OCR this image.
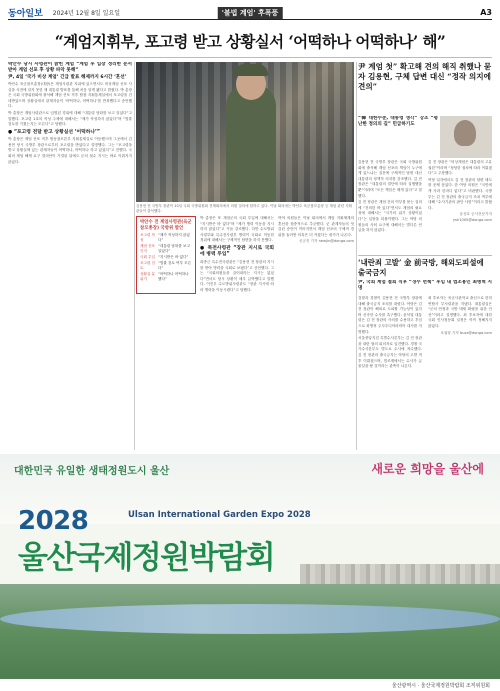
동아일보 2024년 12월 8일 일요일	'불법 계엄' 후폭풍	A3
“계엄지휘부, 포고령 받고 상황실서 ‘어떡하나 어떡하나’ 해”

박안수 당시 사령관이 밝힌 계엄 “계엄 후 입장 정리한 문서 받아 계엄 선포 후 상황 파악 못해”

尹, 4일 ‘국가 비상 계엄’ 긴급 발표 해제까지 6시간 ‘혼선’

박안수 육군참모총장(대장)은 계엄사령관 지위에 있으면서도 비상계엄 선포 사실을 사전에 알지 못한 채 대통령 발표를 통해 처음 알게 됐다고 밝혔다. 박 총장은 국회 국방위원회에 출석해 계엄 선포 직후 합참 지휘통제실에서 포고령을 건네받았으며 상황실에서 관계자들이 ‘어떡하나, 어떡하나’를 반복했다고 증언했다.

박 총장은 계엄사령관으로 임명된 경위에 대해 “대통령 담화를 보고 알았다”고 말했다. 포고령 1호의 작성 주체에 대해서는 “제가 작성하지 않았다”며 “법률 검토를 거쳤는지는 모른다”고 답했다.

● “포고령 전달 받고 상황실선 ‘어떡하나’”

박 총장은 계엄 선포 직후 합동참모본부 지휘통제실로 이동했으며 그곳에서 김용현 당시 국방부 장관으로부터 포고령을 받았다고 설명했다. 그는 “포고령을 받고 상황실에 있는 관계자들이 어떡하나, 어떡하나 하고 있었다”고 전했다. 국회의 계엄 해제 요구 결의안이 가결된 뒤에도 군의 철수 지시는 바로 이뤄지지 않았다.

김용현 전 국방부 장관이 10일 국회 국방위원회 전체회의에서 의원 질의에 답하고 있다. 이날 회의에는 박안수 육군참모총장 등 계엄 관련 지휘관들이 출석했다.
박안수 전 계엄사령관(육군참모총장) 국방위 발언
포고령 작성
“제가 작성하지 않았다”
계엄 선포 인지
“대통령 담화를 보고 알았다”
국회 투입 “지시받은 바 없다”
포고령 검토
“법률 검토 여부 모른다”
상황실 분위기
“어떡하나 어떡하나 했다”

박 총장은 또 계엄군의 국회 투입에 대해서는 “지시받은 바 없다”며 “제가 병력 이동을 지시하지 않았다”고 거듭 강조했다. 다만 수도방위사령부와 특수전사령부 병력이 국회로 이동한 경위에 대해서는 구체적인 답변을 하지 못했다.

● 특전사령관 “장관 지시로 국회에 병력 투입”

곽종근 특수전사령관은 “김용현 전 장관의 지시를 받아 병력을 국회로 보냈다”고 증언했다. 그는 “국회의원들을 끌어내라는 지시는 없었다”면서도 당시 상황이 매우 급박했다고 말했다. 이진우 수도방위사령관도 “장관 지시에 따라 병력을 이동시켰다”고 답했다.

여야 의원들은 이날 회의에서 계엄 지휘체계의 혼선을 집중적으로 추궁했다. 군 관계자들의 엇갈린 증언이 이어지면서 계엄 선포의 구체적 경위를 둘러싼 의혹은 더 커졌다는 평가가 나온다.

신규진 기자 newjin@donga.com

尹 계엄 첫” 확고해 견의 해직 취했나 묻자 김용현, 구체 답변 대신 “정작 의지에 견의”

“韓 대한수준, 대통령 생각” 강조 “평난한 정의의 길” 민급하기도

김용현 전 국방부 장관은 국회 국방위원회에 출석해 계엄 선포의 책임이 누구에게 있느냐는 질문에 구체적인 답변 대신 대통령의 정책적 의지를 강조했다. 김 전 장관은 “대통령의 결단에 따라 실행했을 뿐”이라며 “모든 책임은 제게 있다”고 말했다.

김 전 장관은 계엄 건의 여부를 묻는 질의에 “건의한 바 있다”면서도 계엄의 필요성에 대해서는 “국가의 위기 상황이었다”는 입장을 되풀이했다. 그는 야당 의원들의 사퇴 요구에 대해서는 별다른 언급을 하지 않았다.

김 전 장관은 “비상계엄은 대통령의 고유 권한”이라며 “정당한 절차에 따라 이뤄졌다”고 주장했다.

여당 일각에서도 김 전 장관의 답변 태도를 문제 삼았다. 한 여당 의원은 “국민에게 사과 한마디 없다”고 비판했다. 국방부는 김 전 장관의 출국금지 조치 여부에 대해 “수사기관의 판단 사항”이라고 밝혔다.

윤상호 군사전문기자 ysh1005@donga.com

‘내란죄 고발’ 金 前국방, 해외도피설에 출국금지

尹, 국회 계엄 철회 직후 “경수 면책” 후임 내 법조용인 최병혁 지명

검찰과 경찰이 김용현 전 국방부 장관에 대해 출국금지 조치를 내렸다. 야당은 김 전 장관이 해외로 도피할 가능성이 있다며 신속한 수사를 촉구했다. 윤석열 대통령은 김 전 장관의 사의를 수용하고 후임으로 최병혁 주사우디아라비아 대사를 지명했다.

서울중앙지검 특별수사본부는 김 전 장관을 내란 혐의 피의자로 입건했다. 경찰 국가수사본부도 별도로 수사에 착수했다. 김 전 장관의 출국금지는 야당의 고발 직후 이뤄졌으며, 법조계에서는 수사가 급물살을 탈 것이라는 관측이 나온다.

최 후보자는 육군사관학교 출신으로 한미연합사 부사령관을 지냈다. 대통령실은 “군의 안정과 국방 태세 확립을 위한 인선”이라고 설명했다. 최 후보자에 대한 국회 인사청문회 일정은 아직 정해지지 않았다.

조권형 기자 buzz@donga.com

대한민국 유일한 생태정원도시 울산	새로운 희망을 울산에
2028	Ulsan International Garden Expo 2028
울산국제정원박람회
울산광역시 · 울산국제정원박람회 조직위원회
